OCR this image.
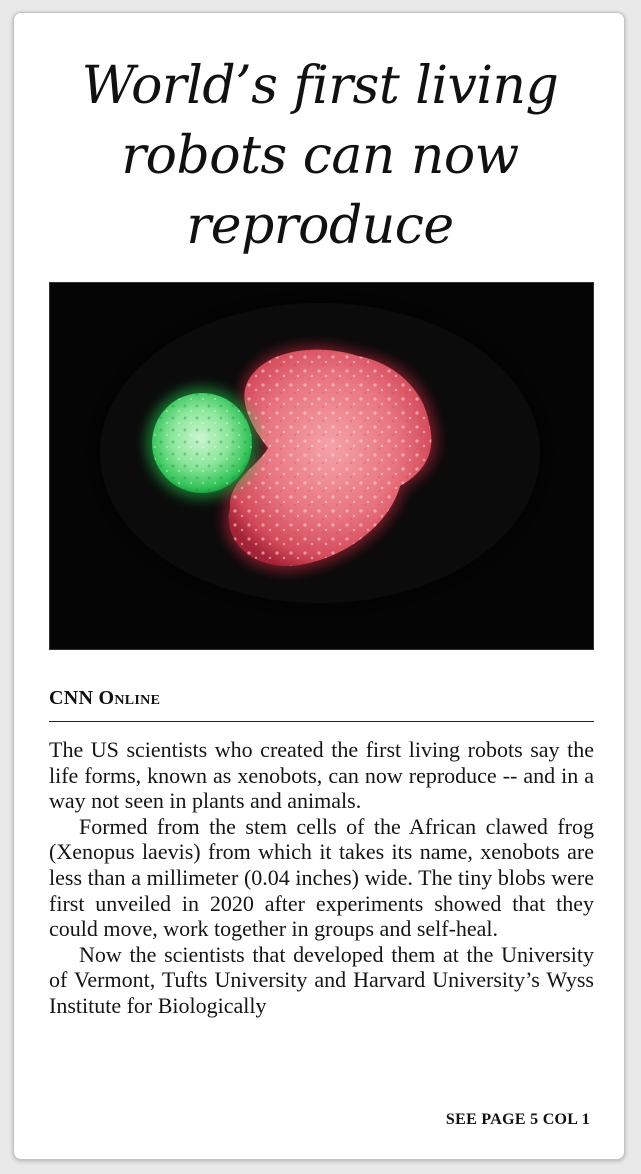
World’s first living robots can now reproduce
CNN Online

The US scientists who created the first living robots say the life forms, known as xenobots, can now reproduce -- and in a way not seen in plants and animals.

Formed from the stem cells of the African clawed frog (Xenopus laevis) from which it takes its name, xenobots are less than a millimeter (0.04 inches) wide. The tiny blobs were first unveiled in 2020 after experiments showed that they could move, work together in groups and self-heal.

Now the scientists that developed them at the University of Vermont, Tufts University and Harvard University’s Wyss Institute for Biologically

SEE PAGE 5 COL 1
